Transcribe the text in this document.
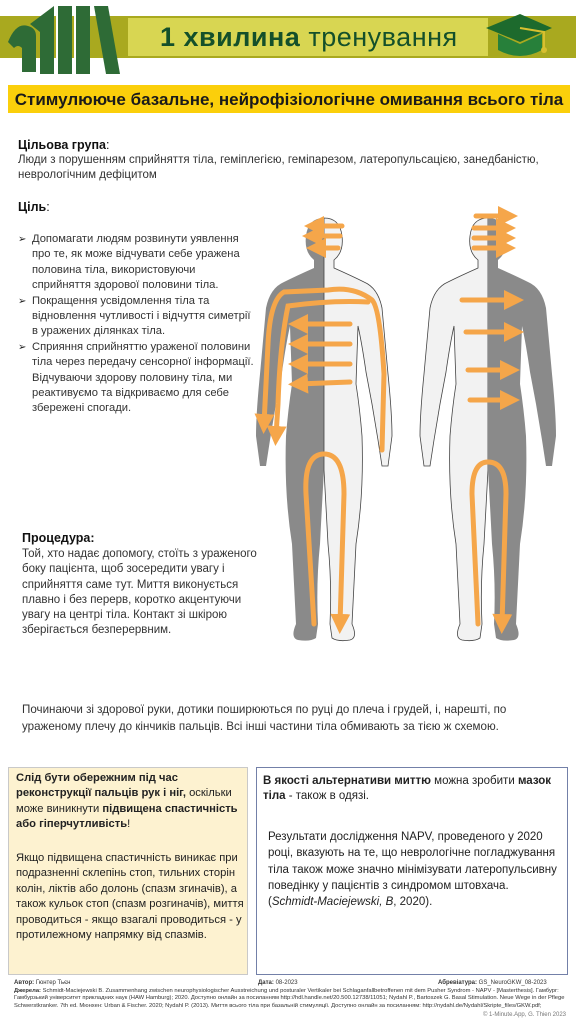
1 хвилина тренування
Стимулююче базальне, нейрофізіологічне омивання всього тіла
Цільова група:
Люди з порушенням сприйняття тіла, геміплегією, геміпарезом, латеропульсацією, занедбаністю, неврологічним дефіцитом
Ціль:
➢ Допомагати людям розвинути уявлення про те, як може відчувати себе уражена половина тіла, використовуючи сприйняття здорової половини тіла.
➢ Покращення усвідомлення тіла та відновлення чутливості і відчуття симетрії в уражених ділянках тіла.
➢ Сприяння сприйняттю ураженої половини тіла через передачу сенсорної інформації. Відчуваючи здорову половину тіла, ми реактивуємо та відкриваємо для себе збережені спогади.
Процедура:
Той, хто надає допомогу, стоїть з ураженого боку пацієнта, щоб зосередити увагу і сприйняття саме тут. Миття виконується плавно і без перерв, коротко акцентуючи увагу на центрі тіла. Контакт зі шкірою зберігається безперервним.
Починаючи зі здорової руки, дотики поширюються по руці до плеча і грудей, і, нарешті, по ураженому плечу до кінчиків пальців. Всі інші частини тіла обмивають за тією ж схемою.
Слід бути обережним під час реконструкції пальців рук і ніг, оскільки може виникнути підвищена спастичність або гіперчутливість!
Якщо підвищена спастичність виникає при подразненні склепінь стоп, тильних сторін колін, ліктів або долонь (спазм згиначів), а також кульок стоп (спазм розгиначів), миття проводиться - якщо взагалі проводиться - у протилежному напрямку від спазмів.
В якості альтернативи миттю можна зробити мазок тіла - також в одязі.
Результати дослідження NAPV, проведеного у 2020 році, вказують на те, що неврологічне погладжування тіла також може значно мінімізувати латеропульсивну поведінку у пацієнтів з синдромом штовхача. (Schmidt-Maciejewski, B, 2020).
Автор: Гюнтер Тьєн	Дата: 08-2023	Абревіатура: GS_NeuroGKW_08-2023
Джерела: Schmidt-Maciejewski B. Zusammenhang zwischen neurophysiologischer Ausstreichung und posturaler Vertikaler bei Schlaganfallbetroffenen mit dem Pusher Syndrom - NAPV - [Masterthesis]. Гамбург: Гамбурзький університет прикладних наук (HAW Hamburg); 2020. Доступно онлайн за посиланням http://hdl.handle.net/20.500.12738/11051; Nydahl P., Bartoszek G. Basal Stimulation. Neue Wege in der Pflege Schwerstkranker. 7th ed. Мюнхен: Urban & Fischer. 2020; Nydahl P. (2013). Миття всього тіла при базальній стимуляції. Доступно онлайн за посиланням: http://nydahl.de/Nydahl/Skripte_files/GKW.pdf;
© 1-Minute.App, G. Thien 2023
